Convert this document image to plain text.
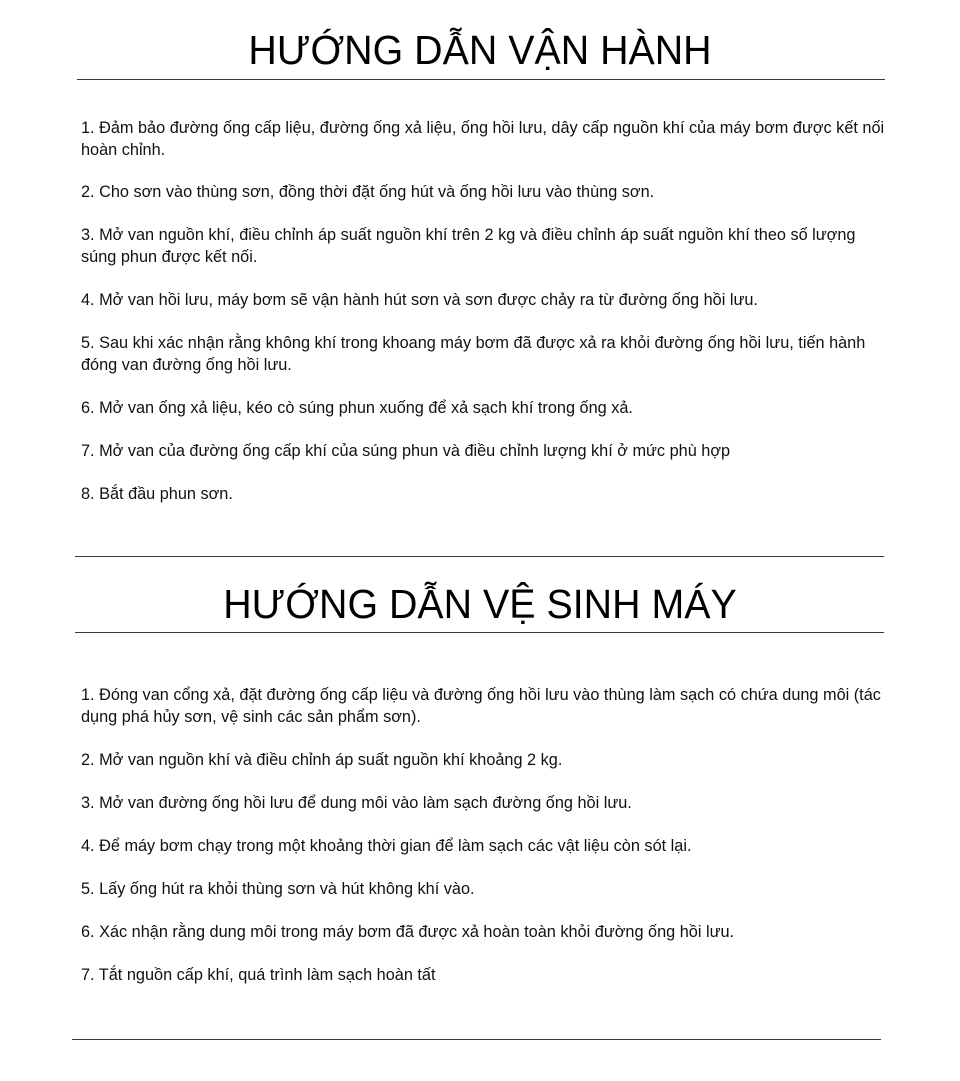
HƯỚNG DẪN VẬN HÀNH
1. Đảm bảo đường ống cấp liệu, đường ống xả liệu, ống hồi lưu, dây cấp nguồn khí của máy bơm được kết nối hoàn chỉnh.
2. Cho sơn vào thùng sơn, đồng thời đặt ống hút và ống hồi lưu vào thùng sơn.
3. Mở van nguồn khí, điều chỉnh áp suất nguồn khí trên 2 kg và điều chỉnh áp suất nguồn khí theo số lượng súng phun được kết nối.
4. Mở van hồi lưu, máy bơm sẽ vận hành hút sơn và sơn được chảy ra từ đường ống hồi lưu.
5. Sau khi xác nhận rằng không khí trong khoang máy bơm đã được xả ra khỏi đường ống hồi lưu, tiến hành đóng van đường ống hồi lưu.
6. Mở van ống xả liệu, kéo cò súng phun xuống để xả sạch khí trong ống xả.
7. Mở van của đường ống cấp khí của súng phun và điều chỉnh lượng khí ở mức phù hợp
8. Bắt đầu phun sơn.
HƯỚNG DẪN VỆ SINH MÁY
1. Đóng van cổng xả, đặt đường ống cấp liệu và đường ống hồi lưu vào thùng làm sạch có chứa dung môi (tác dụng phá hủy sơn, vệ sinh các sản phẩm sơn).
2. Mở van nguồn khí và điều chỉnh áp suất nguồn khí khoảng 2 kg.
3. Mở van đường ống hồi lưu để dung môi vào làm sạch đường ống hồi lưu.
4. Để máy bơm chạy trong một khoảng thời gian để làm sạch các vật liệu còn sót lại.
5. Lấy ống hút ra khỏi thùng sơn và hút không khí vào.
6. Xác nhận rằng dung môi trong máy bơm đã được xả hoàn toàn khỏi đường ống hồi lưu.
7. Tắt nguồn cấp khí, quá trình làm sạch hoàn tất
